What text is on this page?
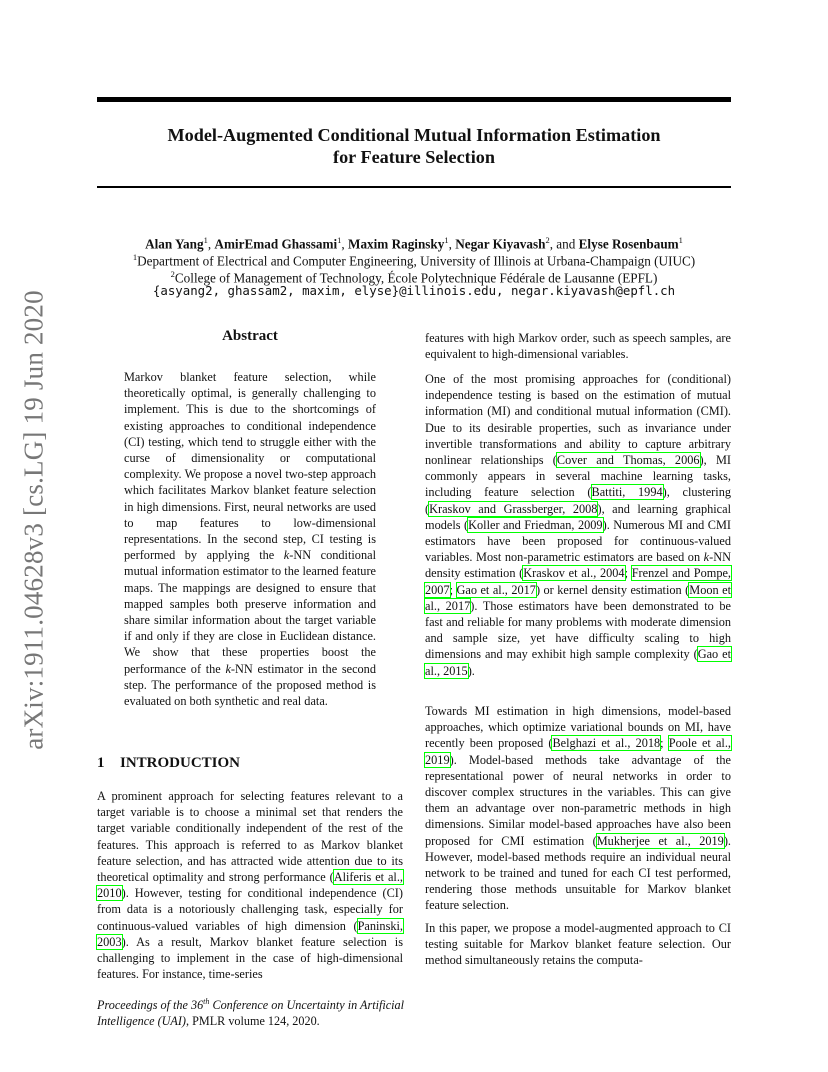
arXiv:1911.04628v3 [cs.LG] 19 Jun 2020
Model-Augmented Conditional Mutual Information Estimation
for Feature Selection
Alan Yang$^1$, AmirEmad Ghassami$^1$, Maxim Raginsky$^1$, Negar Kiyavash$^2$, and Elyse Rosenbaum$^1$
$^1$Department of Electrical and Computer Engineering, University of Illinois at Urbana-Champaign (UIUC)
$^2$College of Management of Technology, École Polytechnique Fédérale de Lausanne (EPFL)
{asyang2, ghassam2, maxim, elyse}@illinois.edu, negar.kiyavash@epfl.ch
Abstract

Markov blanket feature selection, while theoretically optimal, is generally challenging to implement. This is due to the shortcomings of existing approaches to conditional independence (CI) testing, which tend to struggle either with the curse of dimensionality or computational complexity. We propose a novel two-step approach which facilitates Markov blanket feature selection in high dimensions. First, neural networks are used to map features to low-dimensional representations. In the second step, CI testing is performed by applying the k-NN conditional mutual information estimator to the learned feature maps. The mappings are designed to ensure that mapped samples both preserve information and share similar information about the target variable if and only if they are close in Euclidean distance. We show that these properties boost the performance of the k-NN estimator in the second step. The performance of the proposed method is evaluated on both synthetic and real data.

1 INTRODUCTION

A prominent approach for selecting features relevant to a target variable is to choose a minimal set that renders the target variable conditionally independent of the rest of the features. This approach is referred to as Markov blanket feature selection, and has attracted wide attention due to its theoretical optimality and strong performance (Aliferis et al., 2010). However, testing for conditional independence (CI) from data is a notoriously challenging task, especially for continuous-valued variables of high dimension (Paninski, 2003). As a result, Markov blanket feature selection is challenging to implement in the case of high-dimensional features. For instance, time-series

features with high Markov order, such as speech samples, are equivalent to high-dimensional variables.

One of the most promising approaches for (conditional) independence testing is based on the estimation of mutual information (MI) and conditional mutual information (CMI). Due to its desirable properties, such as invariance under invertible transformations and ability to capture arbitrary nonlinear relationships (Cover and Thomas, 2006), MI commonly appears in several machine learning tasks, including feature selection (Battiti, 1994), clustering (Kraskov and Grassberger, 2008), and learning graphical models (Koller and Friedman, 2009). Numerous MI and CMI estimators have been proposed for continuous-valued variables. Most non-parametric estimators are based on k-NN density estimation (Kraskov et al., 2004; Frenzel and Pompe, 2007; Gao et al., 2017) or kernel density estimation (Moon et al., 2017). Those estimators have been demonstrated to be fast and reliable for many problems with moderate dimension and sample size, yet have difficulty scaling to high dimensions and may exhibit high sample complexity (Gao et al., 2015).

Towards MI estimation in high dimensions, model-based approaches, which optimize variational bounds on MI, have recently been proposed (Belghazi et al., 2018; Poole et al., 2019). Model-based methods take advantage of the representational power of neural networks in order to discover complex structures in the variables. This can give them an advantage over non-parametric methods in high dimensions. Similar model-based approaches have also been proposed for CMI estimation (Mukherjee et al., 2019). However, model-based methods require an individual neural network to be trained and tuned for each CI test performed, rendering those methods unsuitable for Markov blanket feature selection.

In this paper, we propose a model-augmented approach to CI testing suitable for Markov blanket feature selection. Our method simultaneously retains the computa-

Proceedings of the 36th Conference on Uncertainty in Artificial Intelligence (UAI), PMLR volume 124, 2020.
